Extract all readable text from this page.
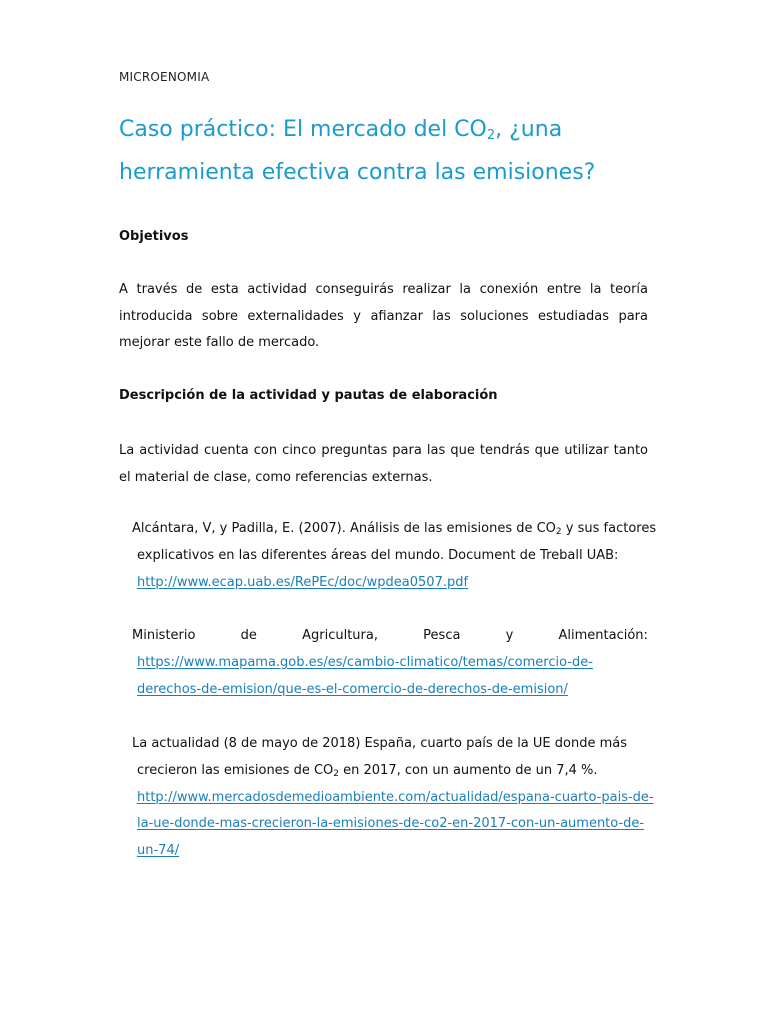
MICROENOMIA
Caso práctico: El mercado del $CO_2$, ¿una
herramienta efectiva contra las emisiones?
Objetivos

A través de esta actividad conseguirás realizar la conexión entre la teoría introducida sobre externalidades y afianzar las soluciones estudiadas para mejorar este fallo de mercado.

Descripción de la actividad y pautas de elaboración

La actividad cuenta con cinco preguntas para las que tendrás que utilizar tanto el material de clase, como referencias externas.

Alcántara, V, y Padilla, E. (2007). Análisis de las emisiones de $CO_2$ y sus factores
explicativos en las diferentes áreas del mundo. Document de Treball UAB:
http://www.ecap.uab.es/RePEc/doc/wpdea0507.pdf
Ministerio	de	Agricultura,	Pesca	y	Alimentación:
https://www.mapama.gob.es/es/cambio-climatico/temas/comercio-de-
derechos-de-emision/que-es-el-comercio-de-derechos-de-emision/
La actualidad (8 de mayo de 2018) España, cuarto país de la UE donde más
crecieron las emisiones de $CO_2$ en 2017, con un aumento de un 7,4 %.
http://www.mercadosdemedioambiente.com/actualidad/espana-cuarto-pais-de-
la-ue-donde-mas-crecieron-la-emisiones-de-co2-en-2017-con-un-aumento-de-
un-74/
